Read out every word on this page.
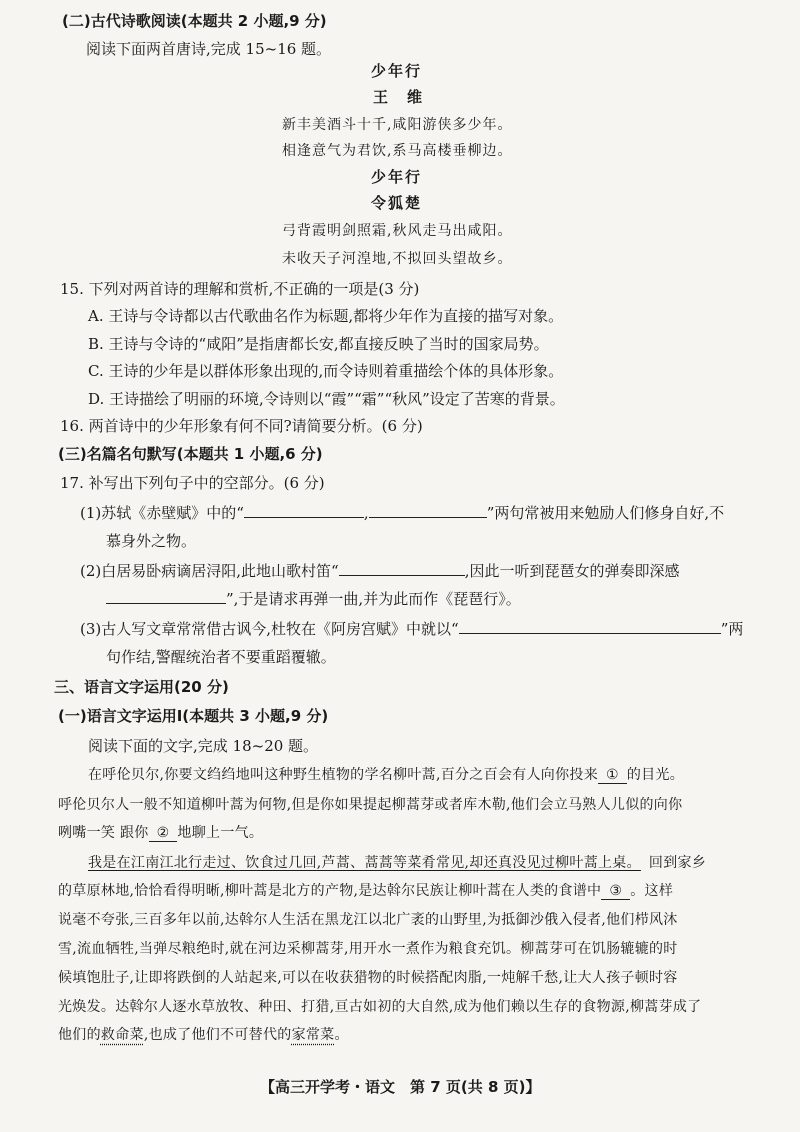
(二)古代诗歌阅读(本题共 2 小题,9 分)
阅读下面两首唐诗,完成 15~16 题。
少年行
王　维
新丰美酒斗十千,咸阳游侠多少年。
相逢意气为君饮,系马高楼垂柳边。
少年行
令狐楚
弓背霞明剑照霜,秋风走马出咸阳。
未收天子河湟地,不拟回头望故乡。
15. 下列对两首诗的理解和赏析,不正确的一项是(3 分)
A. 王诗与令诗都以古代歌曲名作为标题,都将少年作为直接的描写对象。
B. 王诗与令诗的“咸阳”是指唐都长安,都直接反映了当时的国家局势。
C. 王诗的少年是以群体形象出现的,而令诗则着重描绘个体的具体形象。
D. 王诗描绘了明丽的环境,令诗则以“霞”“霜”“秋风”设定了苦寒的背景。
16. 两首诗中的少年形象有何不同?请简要分析。(6 分)
(三)名篇名句默写(本题共 1 小题,6 分)
17. 补写出下列句子中的空部分。(6 分)
(1)苏轼《赤壁赋》中的“	,	”两句常被用来勉励人们修身自好,不
慕身外之物。
(2)白居易卧病谪居浔阳,此地山歌村笛“	,因此一听到琵琶女的弹奏即深感
”,于是请求再弹一曲,并为此而作《琵琶行》。
(3)古人写文章常常借古讽今,杜牧在《阿房宫赋》中就以“	”两
句作结,警醒统治者不要重蹈覆辙。
三、语言文字运用(20 分)
(一)语言文字运用Ⅰ(本题共 3 小题,9 分)
阅读下面的文字,完成 18~20 题。
在呼伦贝尔,你要文绉绉地叫这种野生植物的学名柳叶蒿,百分之百会有人向你投来 ① 的目光。
呼伦贝尔人一般不知道柳叶蒿为何物,但是你如果提起柳蒿芽或者库木勒,他们会立马熟人儿似的向你
咧嘴一笑 跟你 ② 地聊上一气。
我是在江南江北行走过、饮食过几回,芦蒿、蒿蒿等菜肴常见,却还真没见过柳叶蒿上桌。 回到家乡
的草原林地,恰恰看得明晰,柳叶蒿是北方的产物,是达斡尔民族让柳叶蒿在人类的食谱中 ③ 。这样
说毫不夸张,三百多年以前,达斡尔人生活在黑龙江以北广袤的山野里,为抵御沙俄入侵者,他们栉风沐
雪,流血牺牲,当弹尽粮绝时,就在河边采柳蒿芽,用开水一煮作为粮食充饥。柳蒿芽可在饥肠辘辘的时
候填饱肚子,让即将跌倒的人站起来,可以在收获猎物的时候搭配肉脂,一炖解千愁,让大人孩子顿时容
光焕发。达斡尔人逐水草放牧、种田、打猎,亘古如初的大自然,成为他们赖以生存的食物源,柳蒿芽成了
他们的救命菜,也成了他们不可替代的家常菜。
【高三开学考・语文　第 7 页(共 8 页)】
